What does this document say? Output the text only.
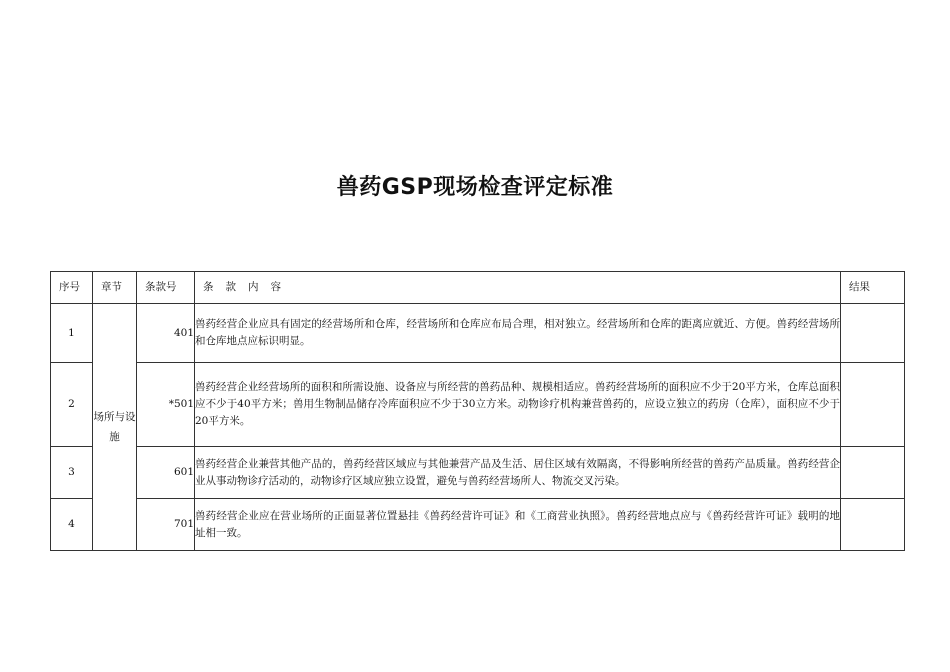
兽药GSP现场检查评定标准
序号	章节	条款号	条款内容	结果
1	场所与设施	401	兽药经营企业应具有固定的经营场所和仓库，经营场所和仓库应布局合理，相对独立。经营场所和仓库的距离应就近、方便。兽药经营场所和仓库地点应标识明显。	
2		*501	兽药经营企业经营场所的面积和所需设施、设备应与所经营的兽药品种、规模相适应。兽药经营场所的面积应不少于20平方米，仓库总面积应不少于40平方米；兽用生物制品储存冷库面积应不少于30立方米。动物诊疗机构兼营兽药的，应设立独立的药房（仓库），面积应不少于20平方米。	
3		601	兽药经营企业兼营其他产品的，兽药经营区域应与其他兼营产品及生活、居住区域有效隔离，不得影响所经营的兽药产品质量。兽药经营企业从事动物诊疗活动的，动物诊疗区域应独立设置，避免与兽药经营场所人、物流交叉污染。	
4		701	兽药经营企业应在营业场所的正面显著位置悬挂《兽药经营许可证》和《工商营业执照》。兽药经营地点应与《兽药经营许可证》载明的地址相一致。	
